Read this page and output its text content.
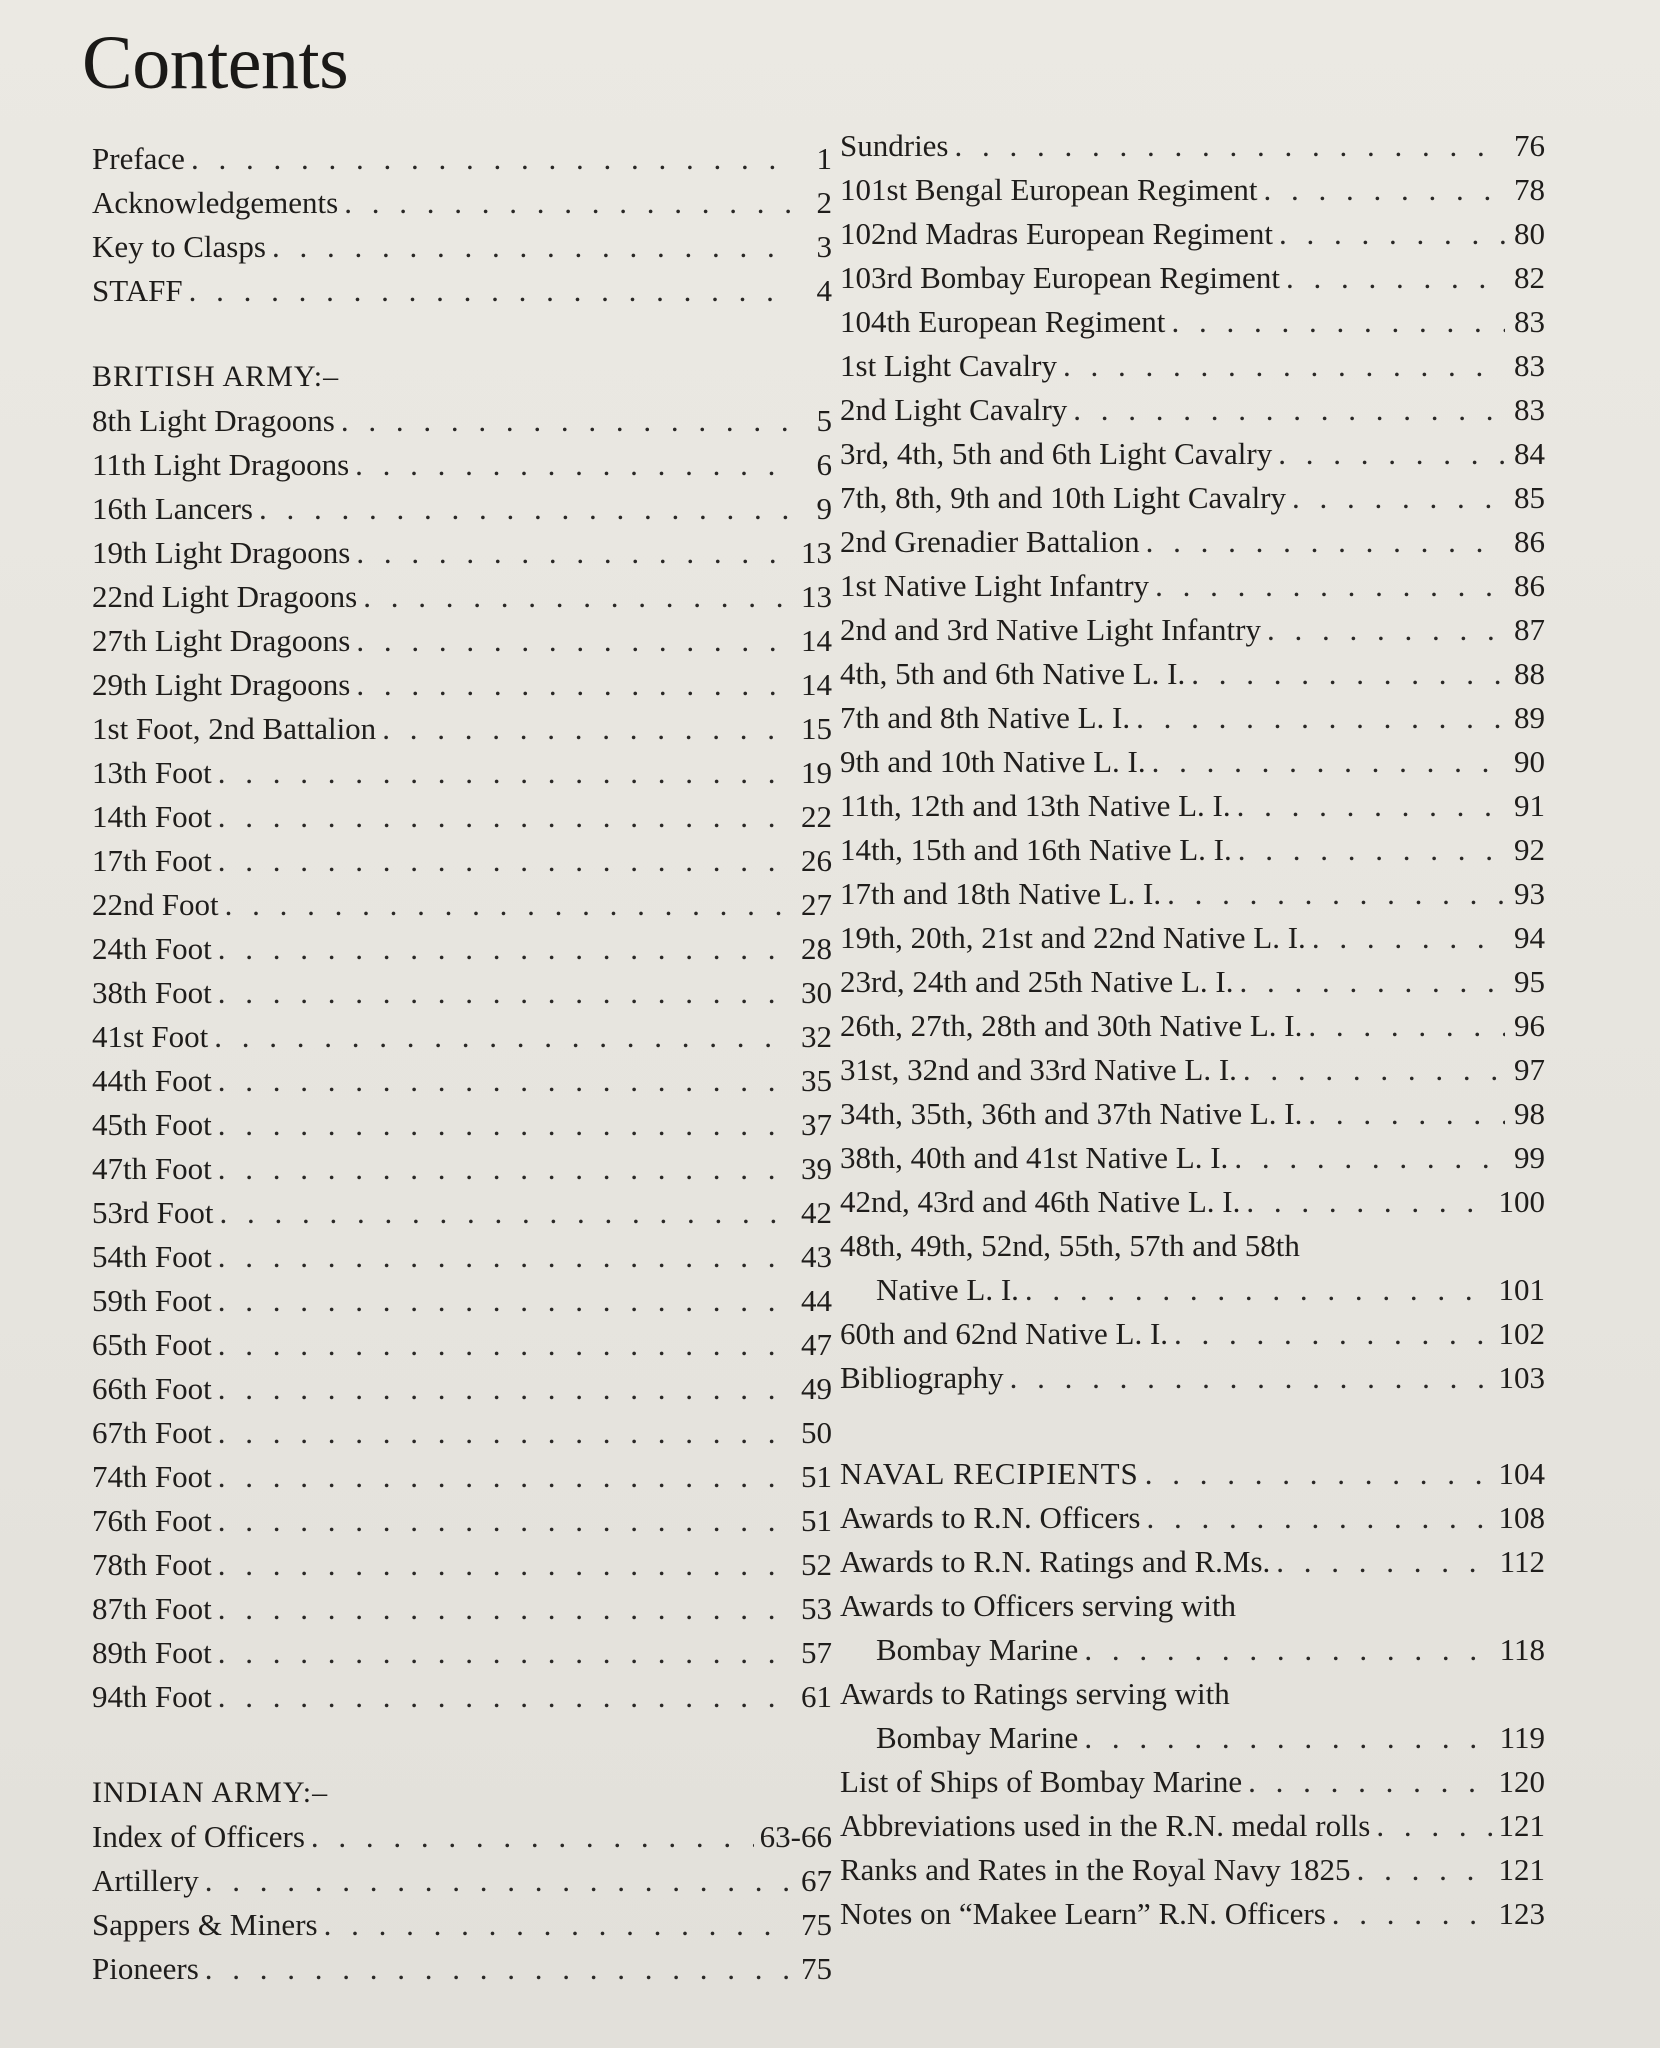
Contents
Preface . . .	1
Acknowledgements . . .	2
Key to Clasps . . .	3
STAFF . . .	4
BRITISH ARMY:–
8th Light Dragoons . . .	5
11th Light Dragoons . . .	6
16th Lancers . . .	9
19th Light Dragoons . . .	13
22nd Light Dragoons . . .	13
27th Light Dragoons . . .	14
29th Light Dragoons . . .	14
1st Foot, 2nd Battalion . . .	15
13th Foot . . .	19
14th Foot . . .	22
17th Foot . . .	26
22nd Foot . . .	27
24th Foot . . .	28
38th Foot . . .	30
41st Foot . . .	32
44th Foot . . .	35
45th Foot . . .	37
47th Foot . . .	39
53rd Foot . . .	42
54th Foot . . .	43
59th Foot . . .	44
65th Foot . . .	47
66th Foot . . .	49
67th Foot . . .	50
74th Foot . . .	51
76th Foot . . .	51
78th Foot . . .	52
87th Foot . . .	53
89th Foot . . .	57
94th Foot . . .	61
INDIAN ARMY:–
Index of Officers . . .	63-66
Artillery . . .	67
Sappers & Miners . . .	75
Pioneers . . .	75
Sundries . . .	76
101st Bengal European Regiment . . .	78
102nd Madras European Regiment . . .	80
103rd Bombay European Regiment . . .	82
104th European Regiment . . .	83
1st Light Cavalry . . .	83
2nd Light Cavalry . . .	83
3rd, 4th, 5th and 6th Light Cavalry . . .	84
7th, 8th, 9th and 10th Light Cavalry . . .	85
2nd Grenadier Battalion . . .	86
1st Native Light Infantry . . .	86
2nd and 3rd Native Light Infantry . . .	87
4th, 5th and 6th Native L. I. . . .	88
7th and 8th Native L. I. . . .	89
9th and 10th Native L. I. . . .	90
11th, 12th and 13th Native L. I. . . .	91
14th, 15th and 16th Native L. I. . . .	92
17th and 18th Native L. I. . . .	93
19th, 20th, 21st and 22nd Native L. I. . . .	94
23rd, 24th and 25th Native L. I. . . .	95
26th, 27th, 28th and 30th Native L. I. . . .	96
31st, 32nd and 33rd Native L. I. . . .	97
34th, 35th, 36th and 37th Native L. I. . . .	98
38th, 40th and 41st Native L. I. . . .	99
42nd, 43rd and 46th Native L. I. . . .	100
48th, 49th, 52nd, 55th, 57th and 58th
Native L. I. . . .	101
60th and 62nd Native L. I. . . .	102
Bibliography . . .	103
NAVAL RECIPIENTS . . .	104
Awards to R.N. Officers . . .	108
Awards to R.N. Ratings and R.Ms. . . .	112
Awards to Officers serving with
Bombay Marine . . .	118
Awards to Ratings serving with
Bombay Marine . . .	119
List of Ships of Bombay Marine . . .	120
Abbreviations used in the R.N. medal rolls . . .	121
Ranks and Rates in the Royal Navy 1825 . . .	121
Notes on “Makee Learn” R.N. Officers . . .	123
